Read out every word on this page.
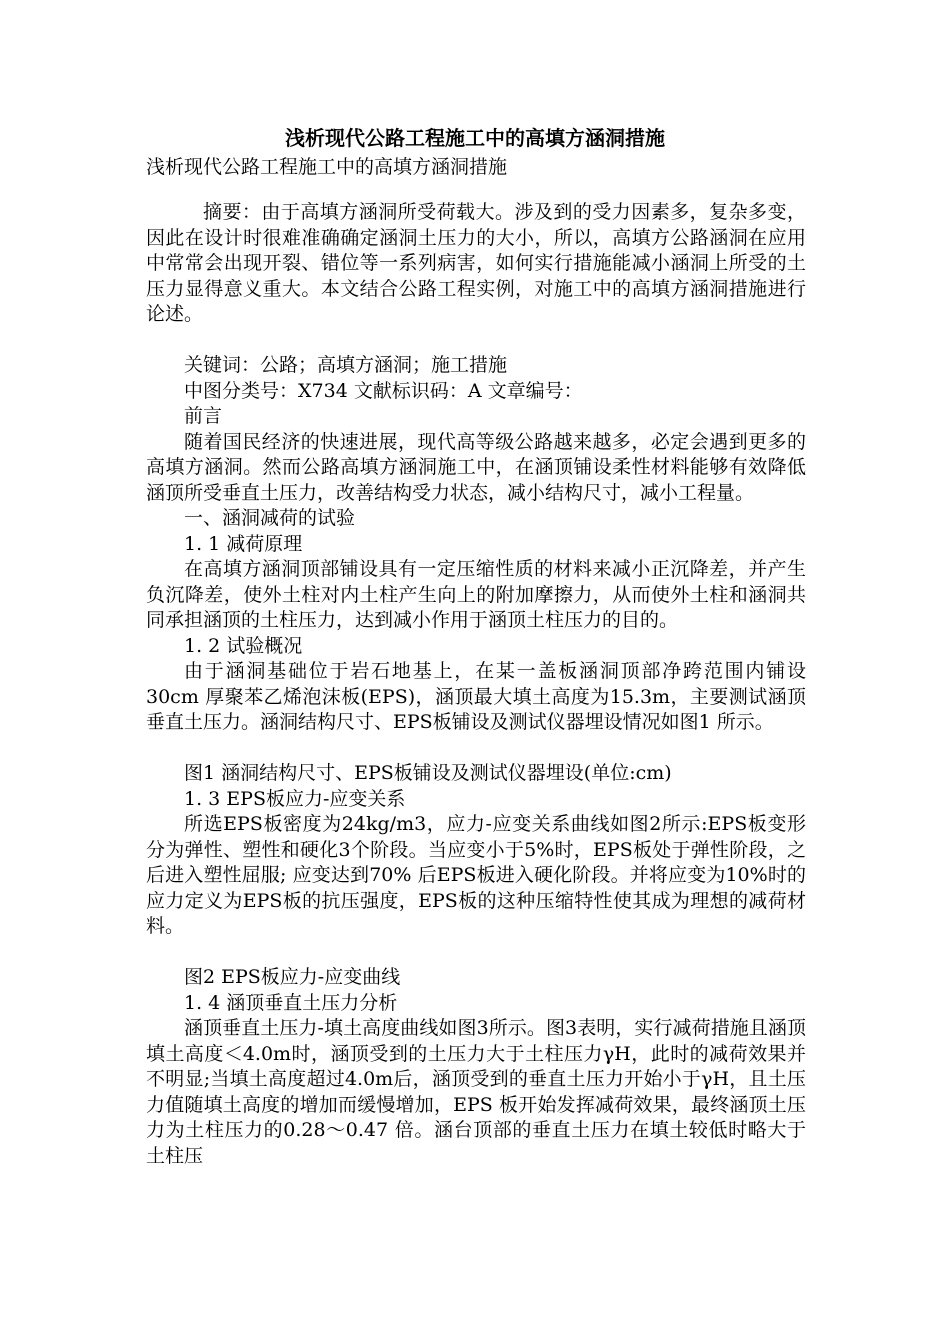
浅析现代公路工程施工中的高填方涵洞措施
浅析现代公路工程施工中的高填方涵洞措施

摘要：由于高填方涵洞所受荷载大。涉及到的受力因素多，复杂多变，因此在设计时很难准确确定涵洞土压力的大小，所以，高填方公路涵洞在应用中常常会出现开裂、错位等一系列病害，如何实行措施能减小涵洞上所受的土压力显得意义重大。本文结合公路工程实例，对施工中的高填方涵洞措施进行论述。

关键词：公路；高填方涵洞；施工措施

中图分类号：X734 文献标识码：A 文章编号：

前言

随着国民经济的快速进展，现代高等级公路越来越多，必定会遇到更多的高填方涵洞。然而公路高填方涵洞施工中，在涵顶铺设柔性材料能够有效降低涵顶所受垂直土压力，改善结构受力状态，减小结构尺寸，减小工程量。

一、涵洞减荷的试验

1. 1 减荷原理

在高填方涵洞顶部铺设具有一定压缩性质的材料来减小正沉降差，并产生负沉降差，使外土柱对内土柱产生向上的附加摩擦力，从而使外土柱和涵洞共同承担涵顶的土柱压力，达到减小作用于涵顶土柱压力的目的。

1. 2 试验概况

由于涵洞基础位于岩石地基上，在某一盖板涵洞顶部净跨范围内铺设30cm 厚聚苯乙烯泡沫板(EPS)，涵顶最大填土高度为15.3m，主要测试涵顶垂直土压力。涵洞结构尺寸、EPS板铺设及测试仪器埋设情况如图1 所示。

图1 涵洞结构尺寸、EPS板铺设及测试仪器埋设(单位:cm)

1. 3 EPS板应力-应变关系

所选EPS板密度为24kg/m3，应力-应变关系曲线如图2所示:EPS板变形分为弹性、塑性和硬化3个阶段。当应变小于5%时，EPS板处于弹性阶段，之后进入塑性屈服; 应变达到70% 后EPS板进入硬化阶段。并将应变为10%时的应力定义为EPS板的抗压强度，EPS板的这种压缩特性使其成为理想的减荷材料。

图2 EPS板应力-应变曲线

1. 4 涵顶垂直土压力分析

涵顶垂直土压力-填土高度曲线如图3所示。图3表明，实行减荷措施且涵顶填土高度＜4.0m时，涵顶受到的土压力大于土柱压力γH，此时的减荷效果并不明显;当填土高度超过4.0m后，涵顶受到的垂直土压力开始小于γH，且土压力值随填土高度的增加而缓慢增加，EPS 板开始发挥减荷效果，最终涵顶土压力为土柱压力的0.28～0.47 倍。涵台顶部的垂直土压力在填土较低时略大于土柱压
